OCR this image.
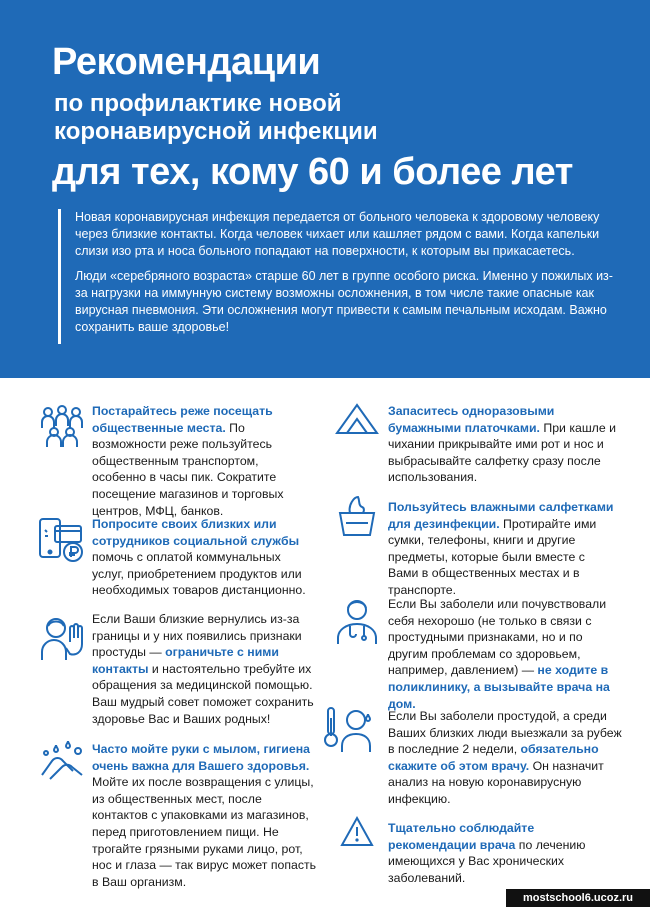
Рекомендации
по профилактике новой
коронавирусной инфекции
для тех, кому 60 и более лет

Новая коронавирусная инфекция передается от больного человека к здоровому человеку через близкие контакты. Когда человек чихает или кашляет рядом с вами. Когда капельки слизи изо рта и носа больного попадают на поверхности, к которым вы прикасаетесь.

Люди «серебряного возраста» старше 60 лет в группе особого риска. Именно у пожилых из-за нагрузки на иммунную систему возможны осложнения, в том числе такие опасные как вирусная пневмония. Эти осложнения могут привести к самым печальным исходам. Важно сохранить ваше здоровье!

Постарайтесь реже посещать общественные места. По возможности реже пользуйтесь общественным транспортом, особенно в часы пик. Сократите посещение магазинов и торговых центров, МФЦ, банков.
Попросите своих близких или сотрудников социальной службы помочь с оплатой коммунальных услуг, приобретением продуктов или необходимых товаров дистанционно.
Если Ваши близкие вернулись из-за границы и у них появились признаки простуды — ограничьте с ними контакты и настоятельно требуйте их обращения за медицинской помощью. Ваш мудрый совет поможет сохранить здоровье Вас и Ваших родных!
Часто мойте руки с мылом, гигиена очень важна для Вашего здоровья. Мойте их после возвращения с улицы, из общественных мест, после контактов с упаковками из магазинов, перед приготовлением пищи. Не трогайте грязными руками лицо, рот, нос и глаза — так вирус может попасть в Ваш организм.
Запаситесь одноразовыми бумажными платочками. При кашле и чихании прикрывайте ими рот и нос и выбрасывайте салфетку сразу после использования.
Пользуйтесь влажными салфетками для дезинфекции. Протирайте ими сумки, телефоны, книги и другие предметы, которые были вместе с Вами в общественных местах и в транспорте.
Если Вы заболели или почувствовали себя нехорошо (не только в связи с простудными признаками, но и по другим проблемам со здоровьем, например, давлением) — не ходите в поликлинику, а вызывайте врача на дом.
Если Вы заболели простудой, а среди Ваших близких люди выезжали за рубеж в последние 2 недели, обязательно скажите об этом врачу. Он назначит анализ на новую коронавирусную инфекцию.
Тщательно соблюдайте рекомендации врача по лечению имеющихся у Вас хронических заболеваний.
mostschool6.ucoz.ru
